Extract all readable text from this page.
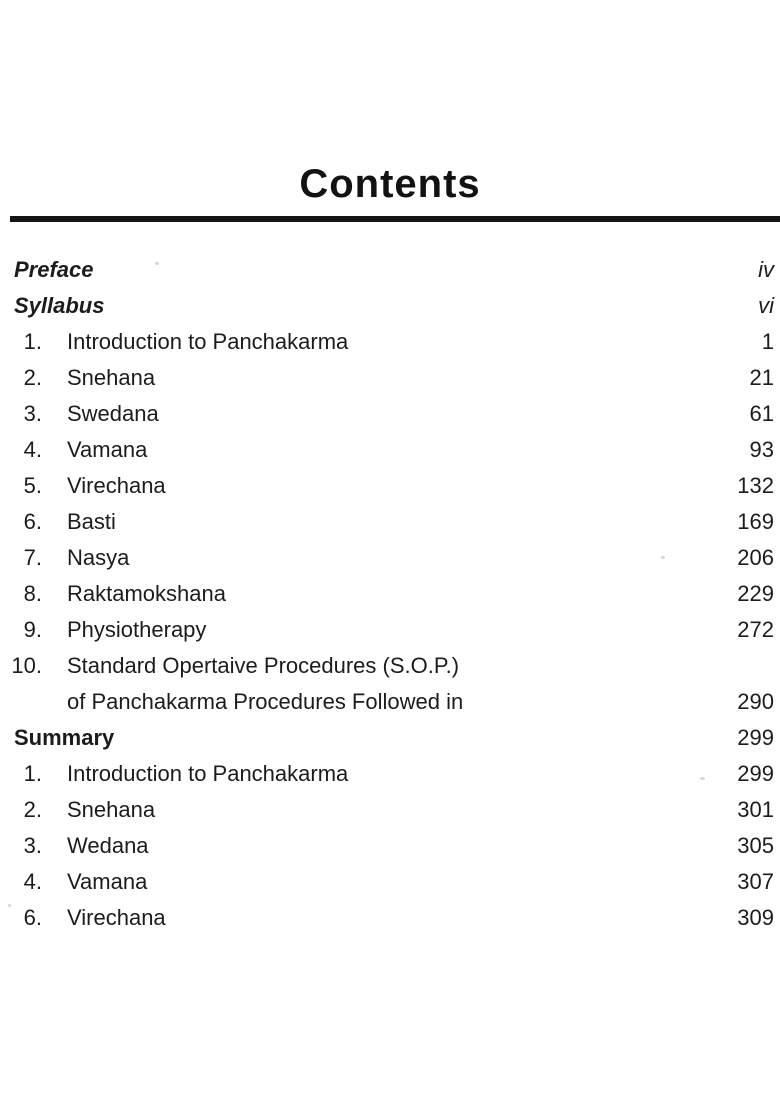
Contents
Preface	iv
Syllabus	vi
1. Introduction to Panchakarma	1
2. Snehana	21
3. Swedana	61
4. Vamana	93
5. Virechana	132
6. Basti	169
7. Nasya	206
8. Raktamokshana	229
9. Physiotherapy	272
10. Standard Opertaive Procedures (S.O.P.)
of Panchakarma Procedures Followed in	290
Summary	299
1. Introduction to Panchakarma	299
2. Snehana	301
3. Wedana	305
4. Vamana	307
6. Virechana	309
